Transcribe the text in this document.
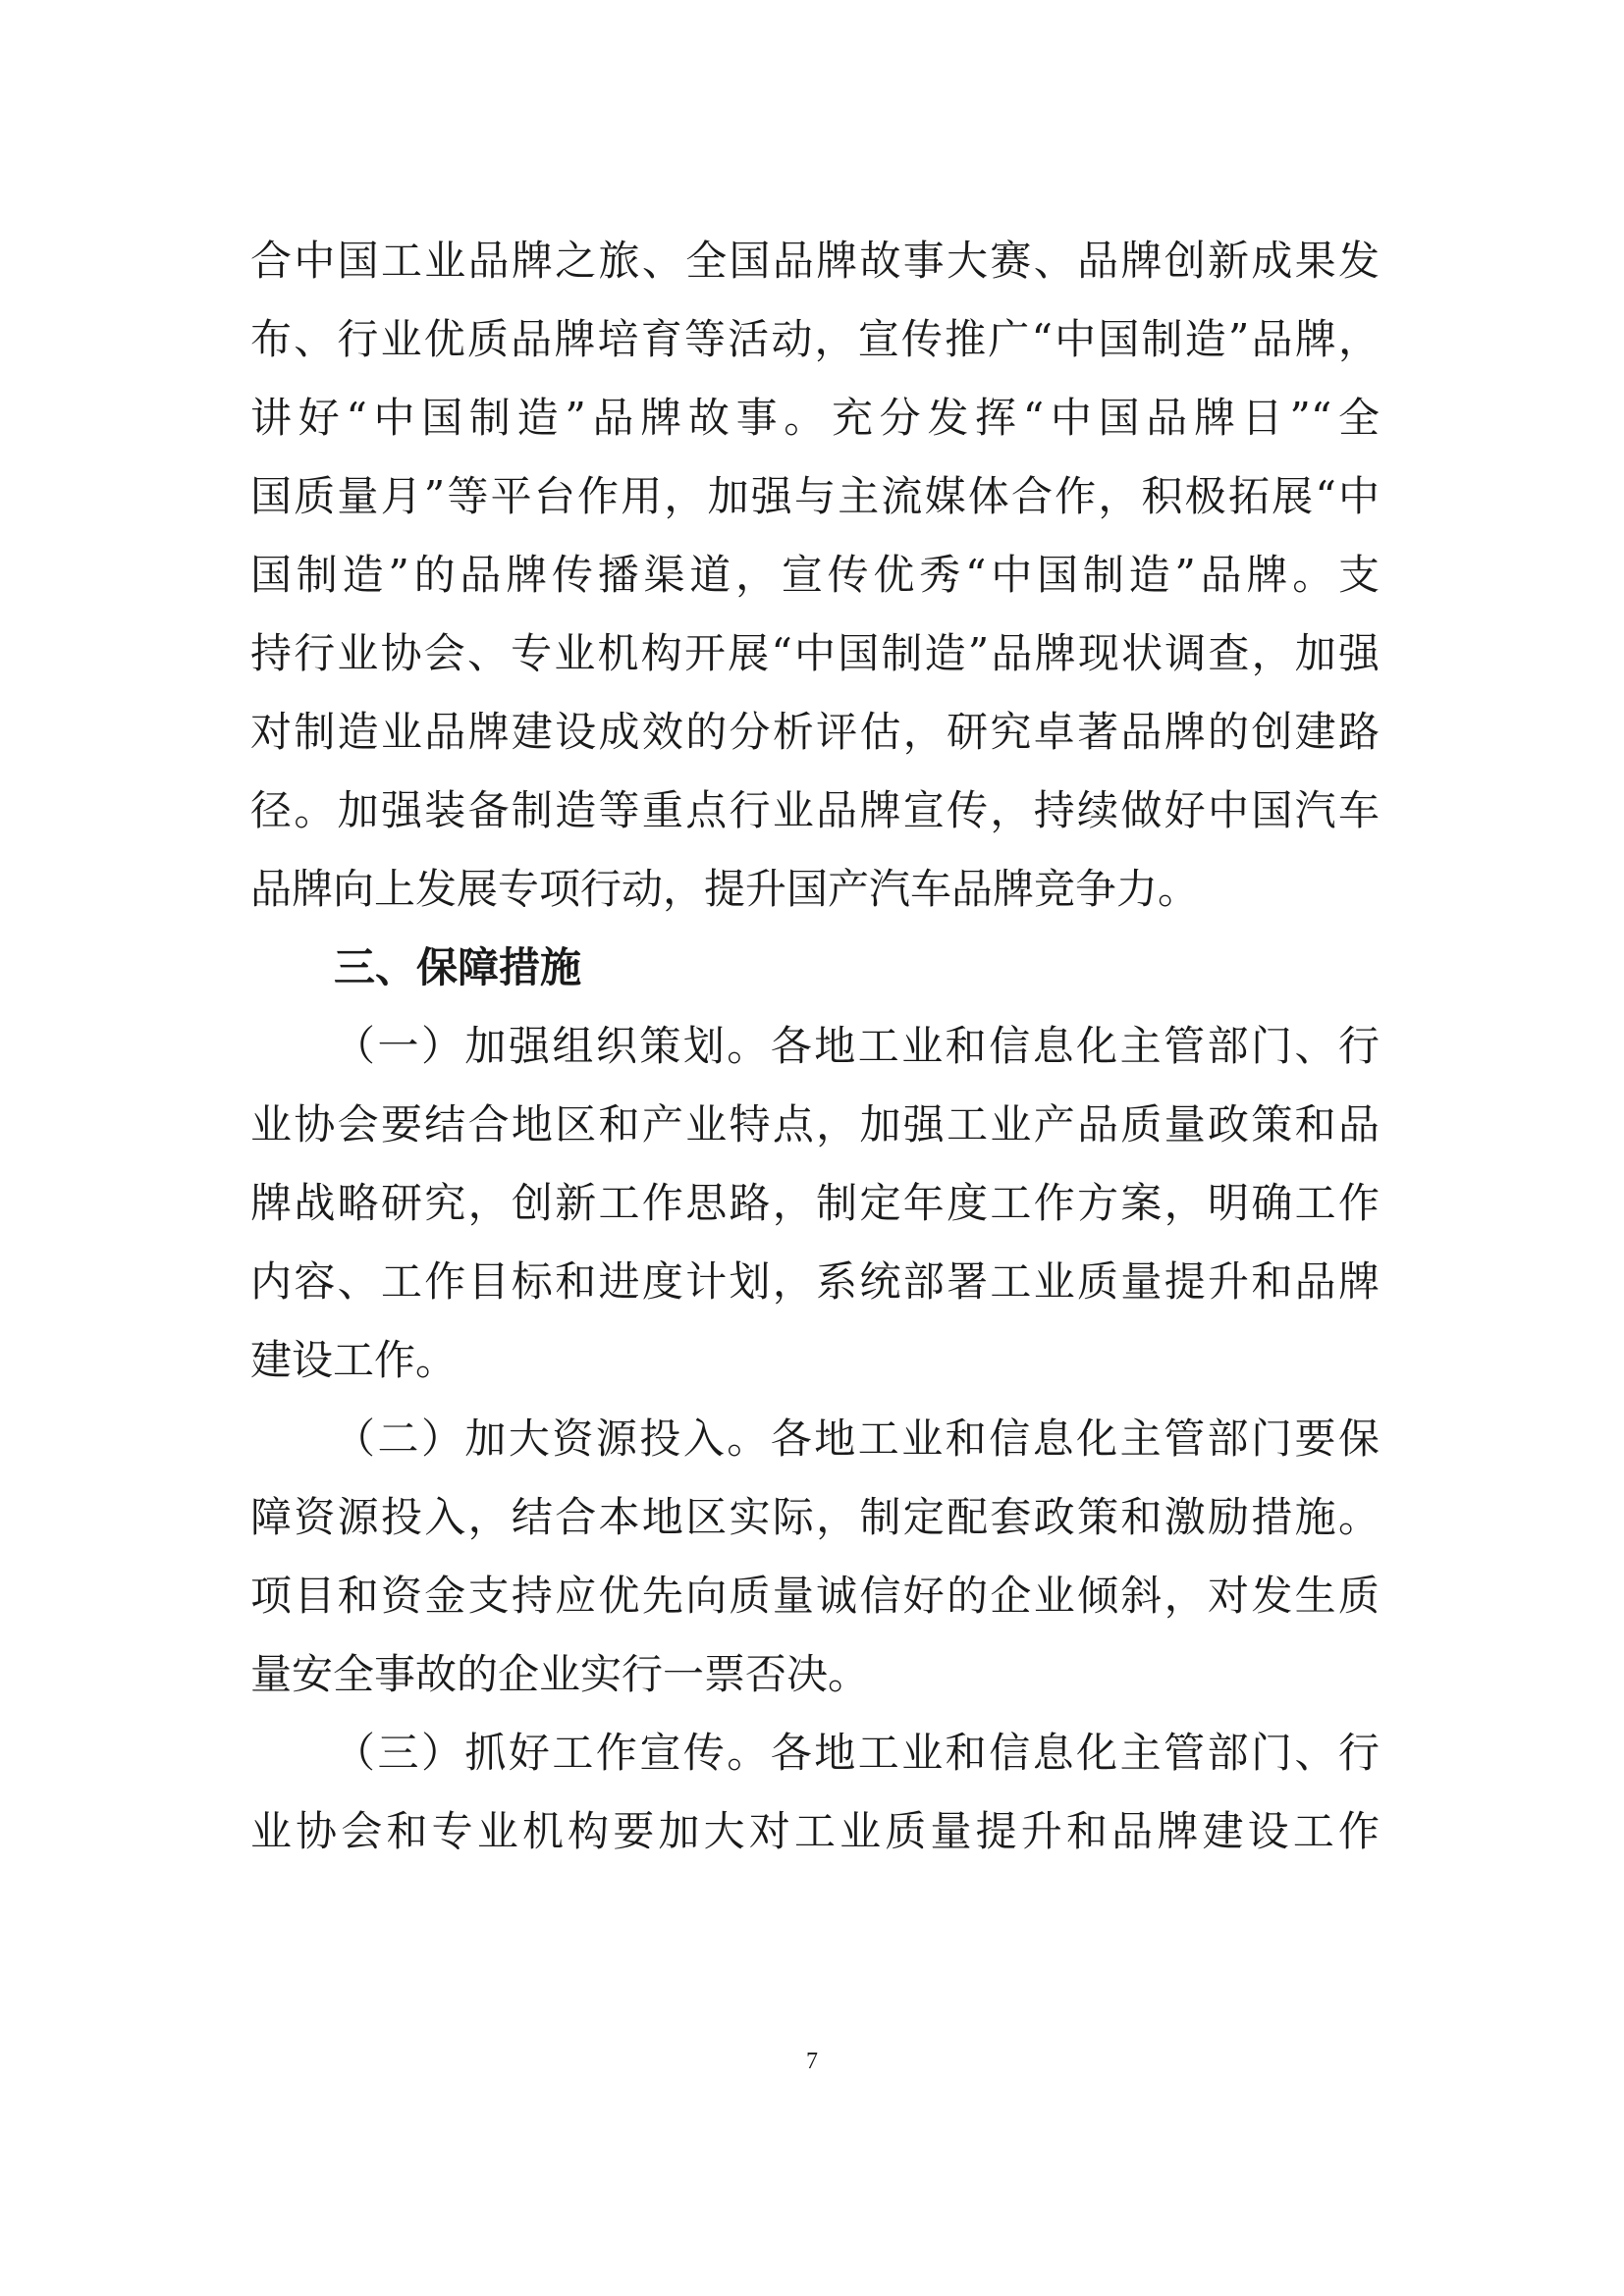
合中国工业品牌之旅、全国品牌故事大赛、品牌创新成果发
布、行业优质品牌培育等活动，宣传推广“中国制造”品牌，
讲好“中国制造”品牌故事。充分发挥“中国品牌日”“全
国质量月”等平台作用，加强与主流媒体合作，积极拓展“中
国制造”的品牌传播渠道，宣传优秀“中国制造”品牌。支
持行业协会、专业机构开展“中国制造”品牌现状调查，加强
对制造业品牌建设成效的分析评估，研究卓著品牌的创建路
径。加强装备制造等重点行业品牌宣传，持续做好中国汽车
品牌向上发展专项行动，提升国产汽车品牌竞争力。
三、保障措施
（一）加强组织策划。各地工业和信息化主管部门、行
业协会要结合地区和产业特点，加强工业产品质量政策和品
牌战略研究，创新工作思路，制定年度工作方案，明确工作
内容、工作目标和进度计划，系统部署工业质量提升和品牌
建设工作。
（二）加大资源投入。各地工业和信息化主管部门要保
障资源投入，结合本地区实际，制定配套政策和激励措施。
项目和资金支持应优先向质量诚信好的企业倾斜，对发生质
量安全事故的企业实行一票否决。
（三）抓好工作宣传。各地工业和信息化主管部门、行
业协会和专业机构要加大对工业质量提升和品牌建设工作
7
